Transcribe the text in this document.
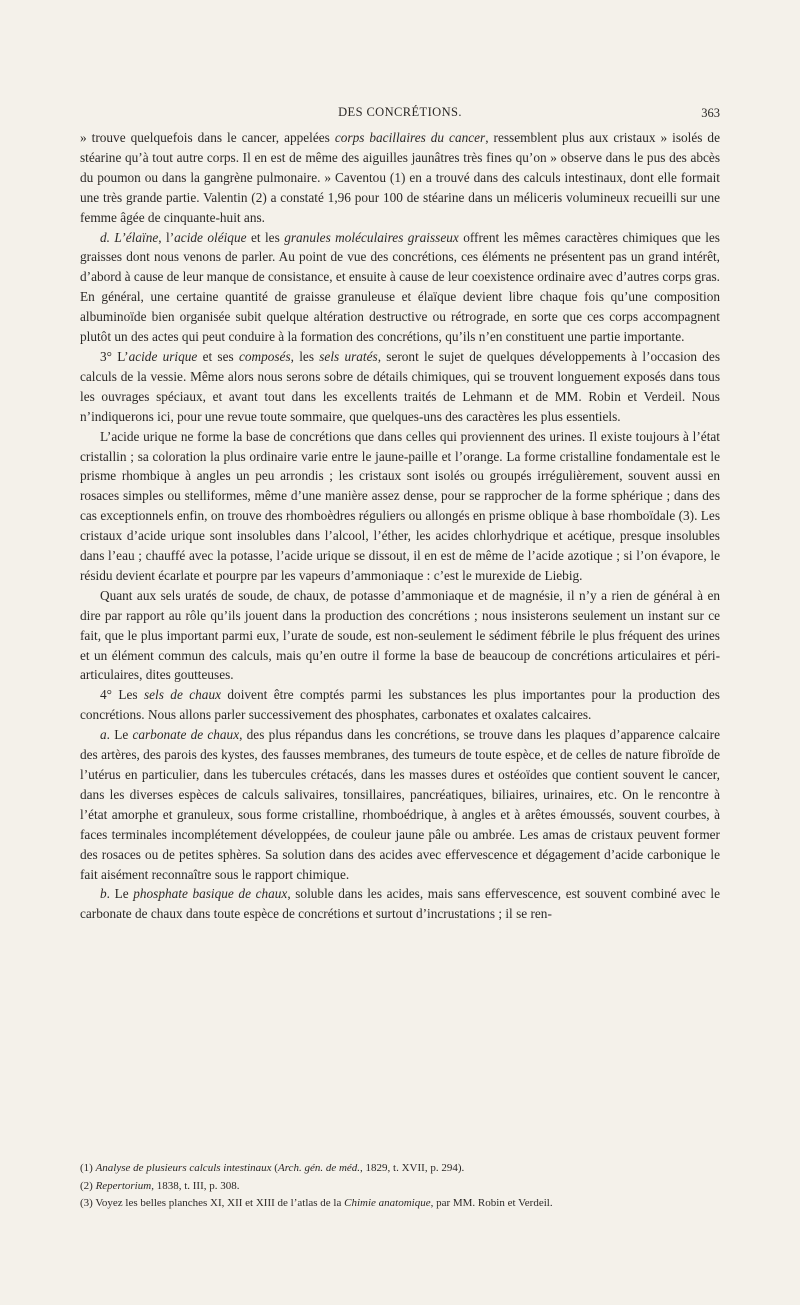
DES CONCRÉTIONS.	363

» trouve quelquefois dans le cancer, appelées corps bacillaires du cancer, ressemblent plus aux cristaux » isolés de stéarine qu’à tout autre corps. Il en est de même des aiguilles jaunâtres très fines qu’on » observe dans le pus des abcès du poumon ou dans la gangrène pulmonaire. » Caventou (1) en a trouvé dans des calculs intestinaux, dont elle formait une très grande partie. Valentin (2) a constaté 1,96 pour 100 de stéarine dans un méliceris volumineux recueilli sur une femme âgée de cinquante-huit ans.

d. L’élaïne, l’acide oléique et les granules moléculaires graisseux offrent les mêmes caractères chimiques que les graisses dont nous venons de parler. Au point de vue des concrétions, ces éléments ne présentent pas un grand intérêt, d’abord à cause de leur manque de consistance, et ensuite à cause de leur coexistence ordinaire avec d’autres corps gras. En général, une certaine quantité de graisse granuleuse et élaïque devient libre chaque fois qu’une composition albuminoïde bien organisée subit quelque altération destructive ou rétrograde, en sorte que ces corps accompagnent plutôt un des actes qui peut conduire à la formation des concrétions, qu’ils n’en constituent une partie importante.

3° L’acide urique et ses composés, les sels uratés, seront le sujet de quelques développements à l’occasion des calculs de la vessie. Même alors nous serons sobre de détails chimiques, qui se trouvent longuement exposés dans tous les ouvrages spéciaux, et avant tout dans les excellents traités de Lehmann et de MM. Robin et Verdeil. Nous n’indiquerons ici, pour une revue toute sommaire, que quelques-uns des caractères les plus essentiels.

L’acide urique ne forme la base de concrétions que dans celles qui proviennent des urines. Il existe toujours à l’état cristallin ; sa coloration la plus ordinaire varie entre le jaune-paille et l’orange. La forme cristalline fondamentale est le prisme rhombique à angles un peu arrondis ; les cristaux sont isolés ou groupés irrégulièrement, souvent aussi en rosaces simples ou stelliformes, même d’une manière assez dense, pour se rapprocher de la forme sphérique ; dans des cas exceptionnels enfin, on trouve des rhomboèdres réguliers ou allongés en prisme oblique à base rhomboïdale (3). Les cristaux d’acide urique sont insolubles dans l’alcool, l’éther, les acides chlorhydrique et acétique, presque insolubles dans l’eau ; chauffé avec la potasse, l’acide urique se dissout, il en est de même de l’acide azotique ; si l’on évapore, le résidu devient écarlate et pourpre par les vapeurs d’ammoniaque : c’est le murexide de Liebig.

Quant aux sels uratés de soude, de chaux, de potasse d’ammoniaque et de magnésie, il n’y a rien de général à en dire par rapport au rôle qu’ils jouent dans la production des concrétions ; nous insisterons seulement un instant sur ce fait, que le plus important parmi eux, l’urate de soude, est non-seulement le sédiment fébrile le plus fréquent des urines et un élément commun des calculs, mais qu’en outre il forme la base de beaucoup de concrétions articulaires et péri-articulaires, dites goutteuses.

4° Les sels de chaux doivent être comptés parmi les substances les plus importantes pour la production des concrétions. Nous allons parler successivement des phosphates, carbonates et oxalates calcaires.

a. Le carbonate de chaux, des plus répandus dans les concrétions, se trouve dans les plaques d’apparence calcaire des artères, des parois des kystes, des fausses membranes, des tumeurs de toute espèce, et de celles de nature fibroïde de l’utérus en particulier, dans les tubercules crétacés, dans les masses dures et ostéoïdes que contient souvent le cancer, dans les diverses espèces de calculs salivaires, tonsillaires, pancréatiques, biliaires, urinaires, etc. On le rencontre à l’état amorphe et granuleux, sous forme cristalline, rhomboédrique, à angles et à arêtes émoussés, souvent courbes, à faces terminales incomplétement développées, de couleur jaune pâle ou ambrée. Les amas de cristaux peuvent former des rosaces ou de petites sphères. Sa solution dans des acides avec effervescence et dégagement d’acide carbonique le fait aisément reconnaître sous le rapport chimique.

b. Le phosphate basique de chaux, soluble dans les acides, mais sans effervescence, est souvent combiné avec le carbonate de chaux dans toute espèce de concrétions et surtout d’incrustations ; il se ren-

(1) Analyse de plusieurs calculs intestinaux (Arch. gén. de méd., 1829, t. XVII, p. 294).

(2) Repertorium, 1838, t. III, p. 308.

(3) Voyez les belles planches XI, XII et XIII de l’atlas de la Chimie anatomique, par MM. Robin et Verdeil.
